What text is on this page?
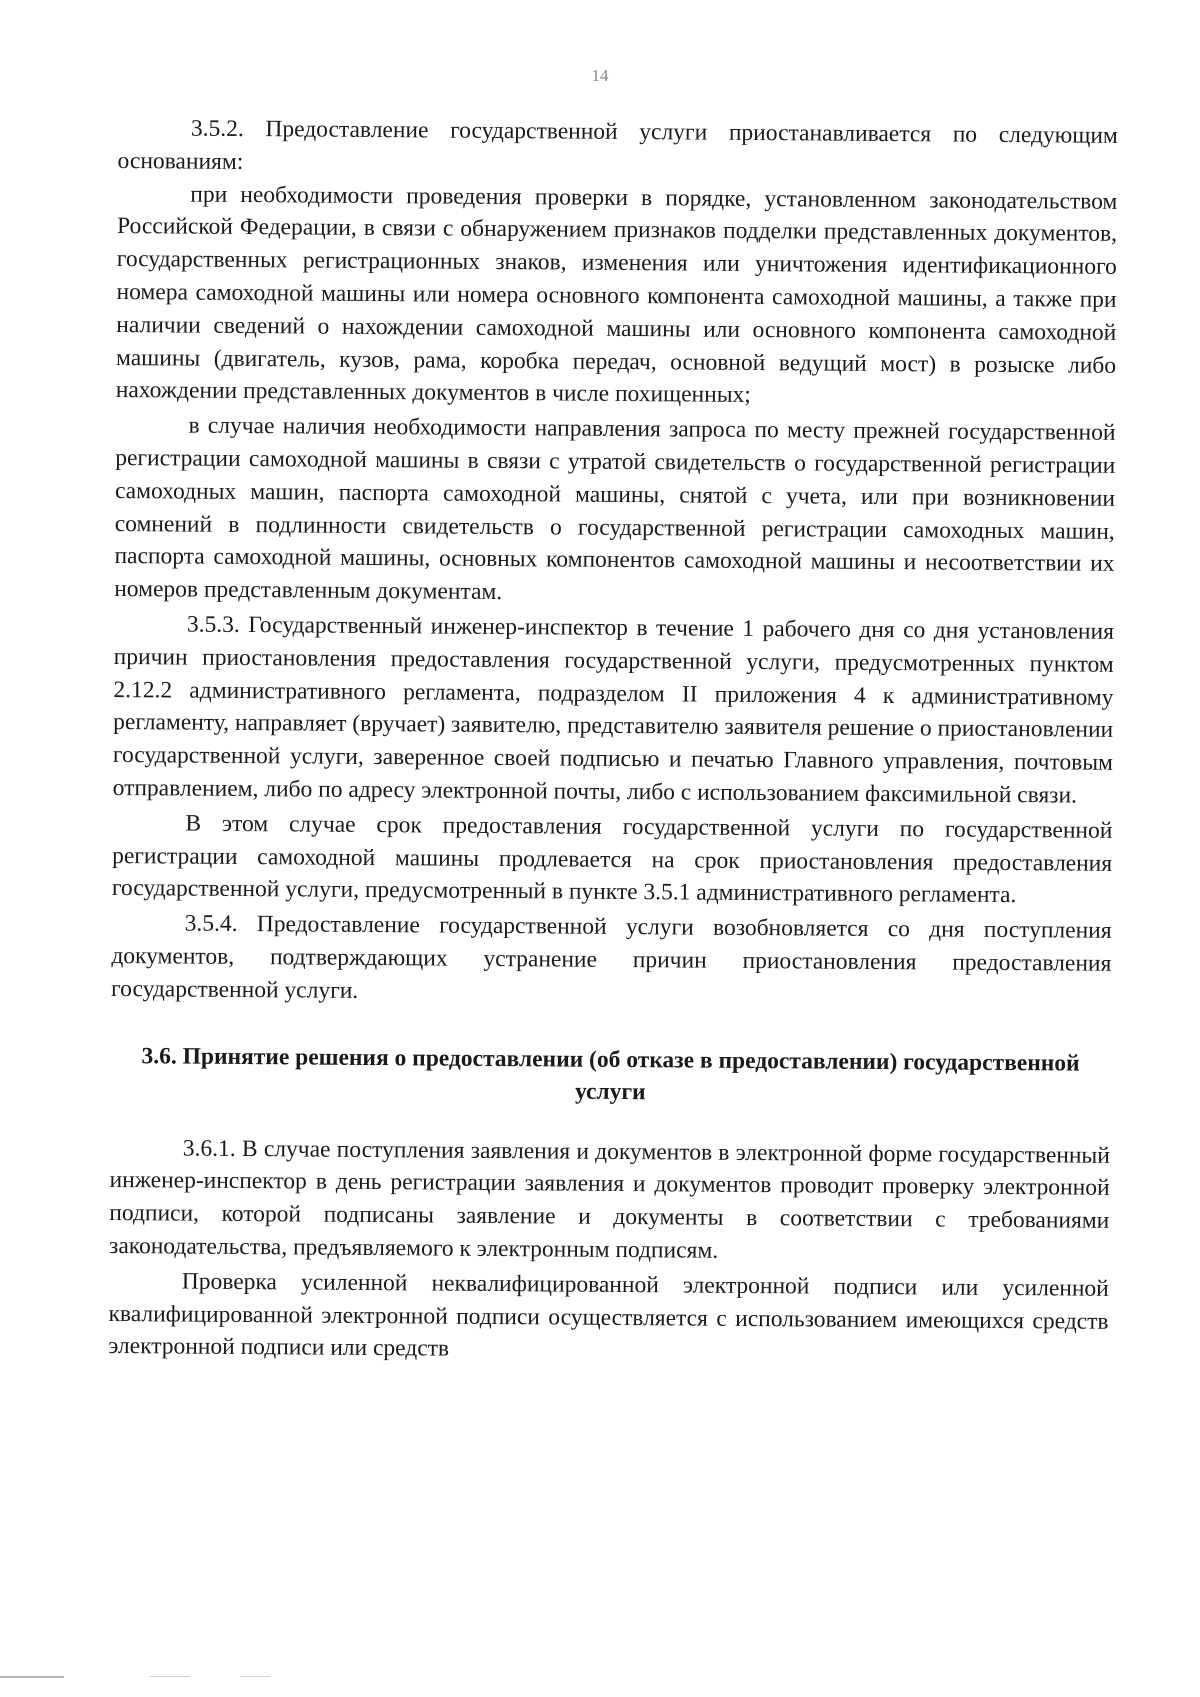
14

3.5.2. Предоставление государственной услуги приостанавливается по следующим основаниям:

при необходимости проведения проверки в порядке, установленном законодательством Российской Федерации, в связи с обнаружением признаков подделки представленных документов, государственных регистрационных знаков, изменения или уничтожения идентификационного номера самоходной машины или номера основного компонента самоходной машины, а также при наличии сведений о нахождении самоходной машины или основного компонента самоходной машины (двигатель, кузов, рама, коробка передач, основной ведущий мост) в розыске либо нахождении представленных документов в числе похищенных;

в случае наличия необходимости направления запроса по месту прежней государственной регистрации самоходной машины в связи с утратой свидетельств о государственной регистрации самоходных машин, паспорта самоходной машины, снятой с учета, или при возникновении сомнений в подлинности свидетельств о государственной регистрации самоходных машин, паспорта самоходной машины, основных компонентов самоходной машины и несоответствии их номеров представленным документам.

3.5.3. Государственный инженер-инспектор в течение 1 рабочего дня со дня установления причин приостановления предоставления государственной услуги, предусмотренных пунктом 2.12.2 административного регламента, подразделом II приложения 4 к административному регламенту, направляет (вручает) заявителю, представителю заявителя решение о приостановлении государственной услуги, заверенное своей подписью и печатью Главного управления, почтовым отправлением, либо по адресу электронной почты, либо с использованием факсимильной связи.

В этом случае срок предоставления государственной услуги по государственной регистрации самоходной машины продлевается на срок приостановления предоставления государственной услуги, предусмотренный в пункте 3.5.1 административного регламента.

3.5.4. Предоставление государственной услуги возобновляется со дня поступления документов, подтверждающих устранение причин приостановления предоставления государственной услуги.

3.6. Принятие решения о предоставлении (об отказе в предоставлении) государственной услуги

3.6.1. В случае поступления заявления и документов в электронной форме государственный инженер-инспектор в день регистрации заявления и документов проводит проверку электронной подписи, которой подписаны заявление и документы в соответствии с требованиями законодательства, предъявляемого к электронным подписям.

Проверка усиленной неквалифицированной электронной подписи или усиленной квалифицированной электронной подписи осуществляется с использованием имеющихся средств электронной подписи или средств
